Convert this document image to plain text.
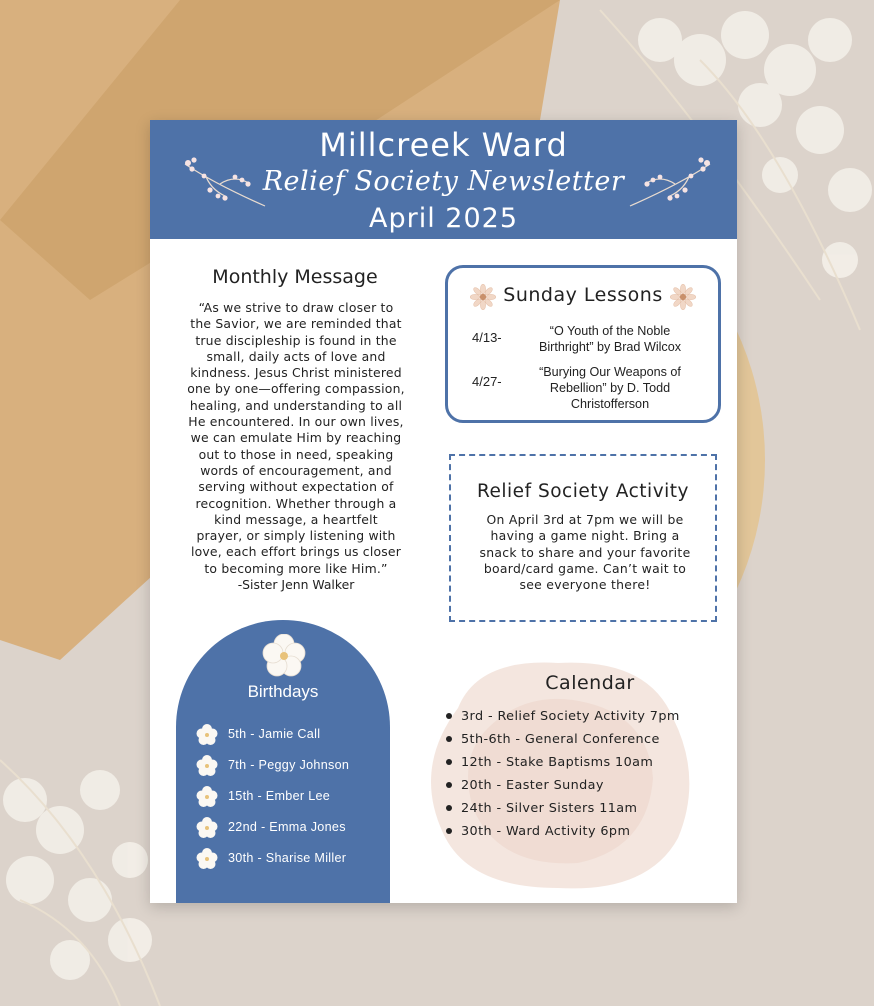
Millcreek Ward
Relief Society Newsletter
April 2025
Monthly Message
“As we strive to draw closer to
the Savior, we are reminded that
true discipleship is found in the
small, daily acts of love and
kindness. Jesus Christ ministered
one by one—offering compassion,
healing, and understanding to all
He encountered. In our own lives,
we can emulate Him by reaching
out to those in need, speaking
words of encouragement, and
serving without expectation of
recognition. Whether through a
kind message, a heartfelt
prayer, or simply listening with
love, each effort brings us closer
to becoming more like Him.”
-Sister Jenn Walker
Sunday Lessons
4/13-	“O Youth of the Noble
Birthright” by Brad Wilcox
4/27-
“Burying Our Weapons of
Rebellion” by D. Todd
Christofferson
Relief Society Activity
On April 3rd at 7pm we will be
having a game night. Bring a
snack to share and your favorite
board/card game. Can’t wait to
see everyone there!
Birthdays
5th - Jamie Call
7th - Peggy Johnson
15th - Ember Lee
22nd - Emma Jones
30th - Sharise Miller
Calendar
3rd - Relief Society Activity 7pm
5th-6th - General Conference
12th - Stake Baptisms 10am
20th - Easter Sunday
24th - Silver Sisters 11am
30th - Ward Activity 6pm
